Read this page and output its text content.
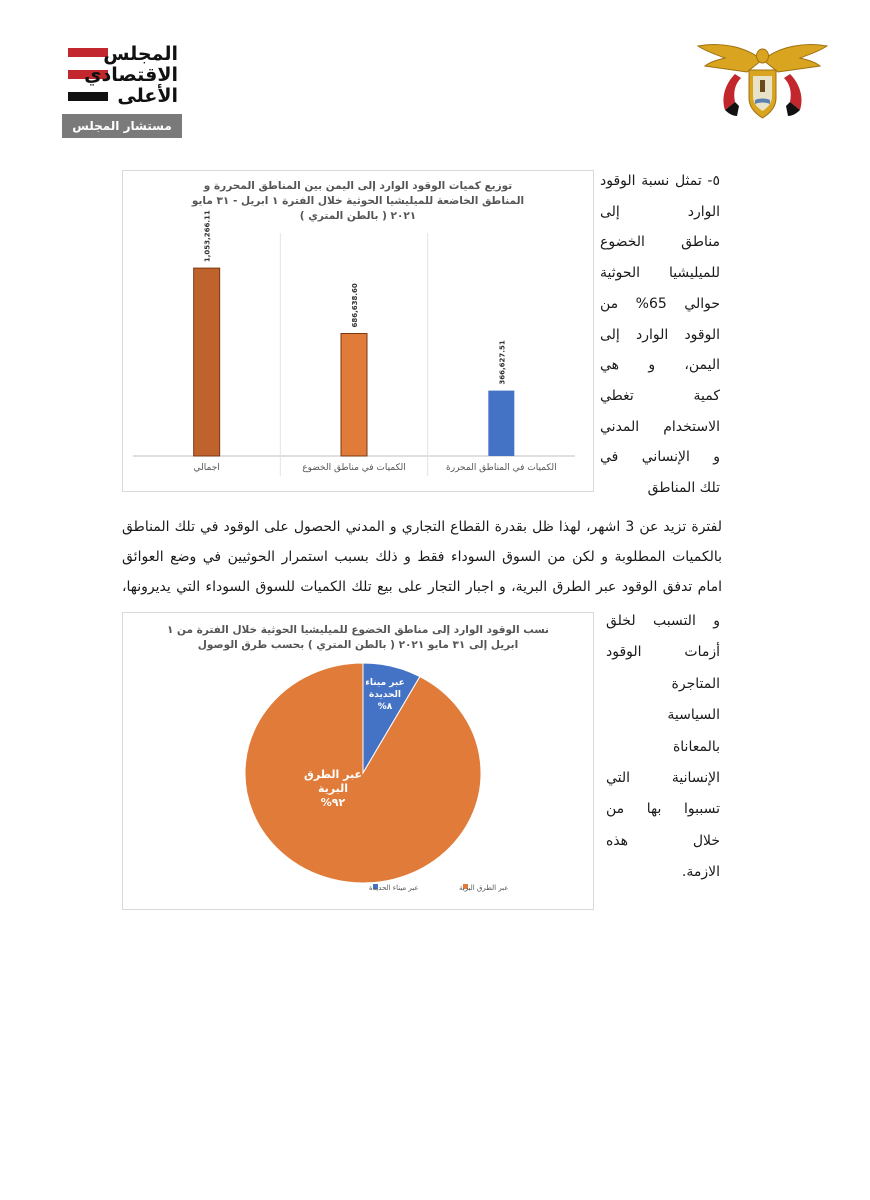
المجلس
الاقتصادي
الأعلى
مستشار المجلس
توزيع كميات الوقود الوارد إلى اليمن بين المناطق المحررة و
المناطق الخاضعة للميليشيا الحوثية خلال الفترة ١ ابريل - ٣١ مايو
٢٠٢١ ( بالطن المتري )
1,053,266.11
اجمالي
686,638.60
الكميات في مناطق الخضوع
366,627.51
الكميات في المناطق المحررة
٥- تمثل نسبة الوقود
الوارد إلى
مناطق الخضوع
للميليشيا الحوثية
حوالي 65% من
الوقود الوارد إلى
اليمن، و هي
كمية تغطي
الاستخدام المدني
و الإنساني في
تلك المناطق
لفترة تزيد عن 3 اشهر، لهذا ظل بقدرة القطاع التجاري و المدني الحصول على الوقود في تلك المناطق
بالكميات المطلوبة و لكن من السوق السوداء فقط و ذلك بسبب استمرار الحوثيين في وضع العوائق
امام تدفق الوقود عبر الطرق البرية، و اجبار التجار على بيع تلك الكميات للسوق السوداء التي يديرونها،
نسب الوقود الوارد إلى مناطق الخضوع للميليشيا الحوثية خلال الفترة من ١
ابريل إلى ٣١ مايو ٢٠٢١ ( بالطن المتري ) بحسب طرق الوصول
عبر ميناء
الحديدة
٨%
عبر الطرق
البرية
٩٢%
عبر ميناء الحديدة	عبر الطرق البرية
و التسبب لخلق
أزمات الوقود
المتاجرة
السياسية
بالمعاناة
الإنسانية التي
تسببوا بها من
خلال هذه
الازمة.
